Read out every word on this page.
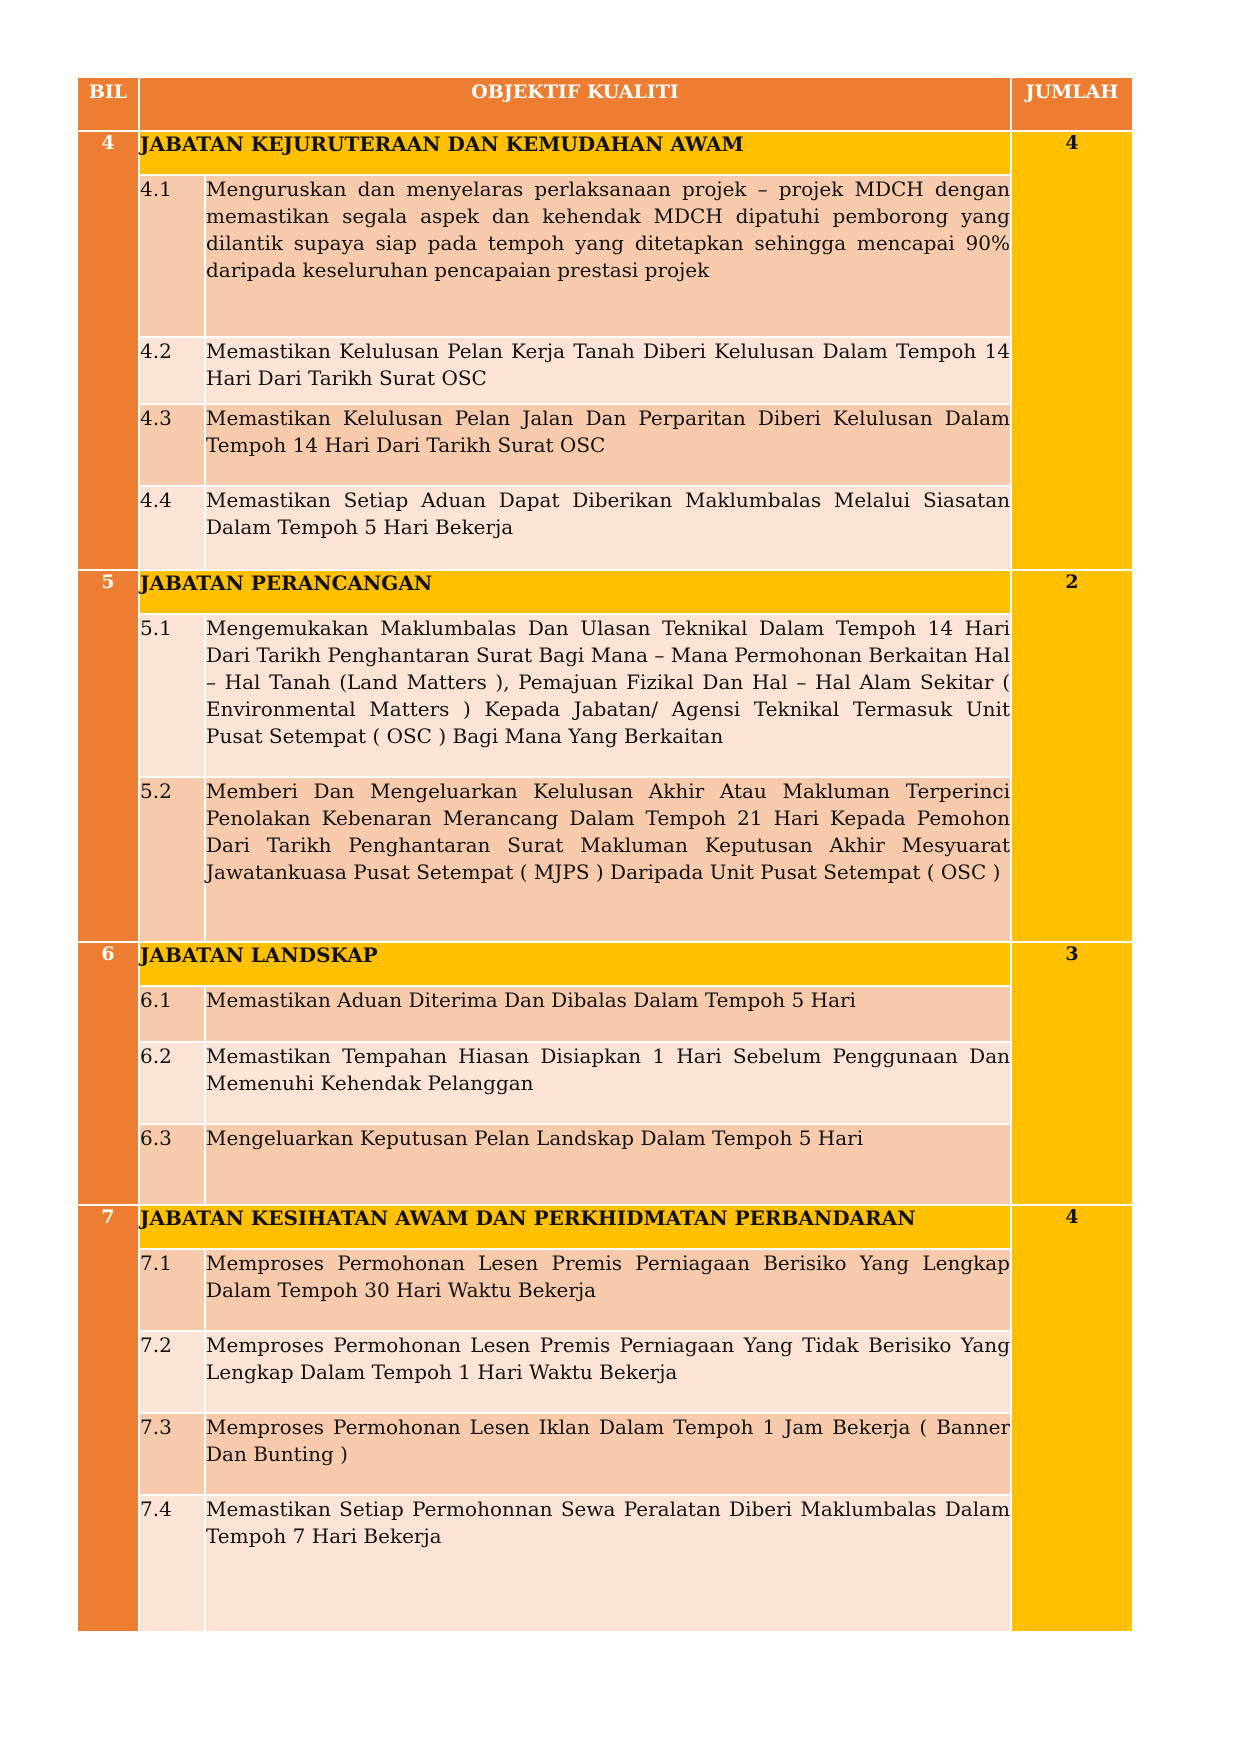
BIL	OBJEKTIF KUALITI		JUMLAH

4	JABATAN KEJURUTERAAN DAN KEMUDAHAN AWAM		4
	4.1	Menguruskan dan menyelaras perlaksanaan projek – projek MDCH dengan memastikan segala aspek dan kehendak MDCH dipatuhi pemborong yang dilantik supaya siap pada tempoh yang ditetapkan sehingga mencapai 90% daripada keseluruhan pencapaian prestasi projek	
	4.2	Memastikan Kelulusan Pelan Kerja Tanah Diberi Kelulusan Dalam Tempoh 14 Hari Dari Tarikh Surat OSC	
	4.3	Memastikan Kelulusan Pelan Jalan Dan Perparitan Diberi Kelulusan Dalam Tempoh 14 Hari Dari Tarikh Surat OSC	
	4.4	Memastikan Setiap Aduan Dapat Diberikan Maklumbalas Melalui Siasatan Dalam Tempoh 5 Hari Bekerja	
5	JABATAN PERANCANGAN		2
	5.1	Mengemukakan Maklumbalas Dan Ulasan Teknikal Dalam Tempoh 14 Hari Dari Tarikh Penghantaran Surat Bagi Mana – Mana Permohonan Berkaitan Hal – Hal Tanah (Land Matters ), Pemajuan Fizikal Dan Hal – Hal Alam Sekitar ( Environmental Matters ) Kepada Jabatan/ Agensi Teknikal Termasuk Unit Pusat Setempat ( OSC ) Bagi Mana Yang Berkaitan	
	5.2	Memberi Dan Mengeluarkan Kelulusan Akhir Atau Makluman Terperinci Penolakan Kebenaran Merancang Dalam Tempoh 21 Hari Kepada Pemohon Dari Tarikh Penghantaran Surat Makluman Keputusan Akhir Mesyuarat Jawatankuasa Pusat Setempat ( MJPS ) Daripada Unit Pusat Setempat ( OSC )	
6	JABATAN LANDSKAP		3
	6.1	Memastikan Aduan Diterima Dan Dibalas Dalam Tempoh 5 Hari	
	6.2	Memastikan Tempahan Hiasan Disiapkan 1 Hari Sebelum Penggunaan Dan Memenuhi Kehendak Pelanggan	
	6.3	Mengeluarkan Keputusan Pelan Landskap Dalam Tempoh 5 Hari	
7	JABATAN KESIHATAN AWAM DAN PERKHIDMATAN PERBANDARAN		4
	7.1	Memproses Permohonan Lesen Premis Perniagaan Berisiko Yang Lengkap Dalam Tempoh 30 Hari Waktu Bekerja	
	7.2	Memproses Permohonan Lesen Premis Perniagaan Yang Tidak Berisiko Yang Lengkap Dalam Tempoh 1 Hari Waktu Bekerja	
	7.3	Memproses Permohonan Lesen Iklan Dalam Tempoh 1 Jam Bekerja ( Banner Dan Bunting )	
	7.4	Memastikan Setiap Permohonnan Sewa Peralatan Diberi Maklumbalas Dalam Tempoh 7 Hari Bekerja	
